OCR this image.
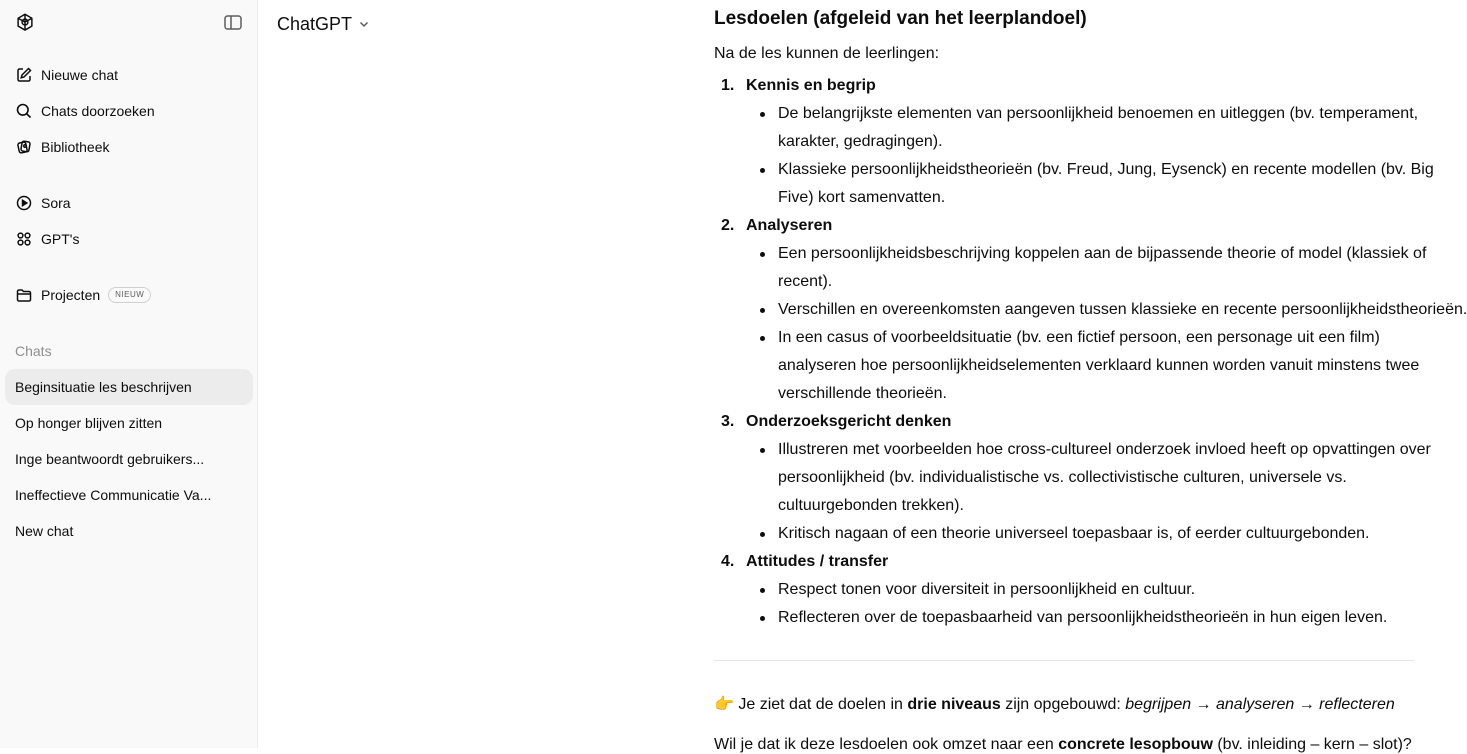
Nieuwe chat
Chats doorzoeken
Bibliotheek
Sora
GPT's
Projecten	NIEUW
Chats
Beginsituatie les beschrijven
Op honger blijven zitten
Inge beantwoordt gebruikers...
Ineffectieve Communicatie Va...
New chat
ChatGPT	Lesdoelen (afgeleid van het leerplandoel)
Na de les kunnen de leerlingen:
1. Kennis en begrip
De belangrijkste elementen van persoonlijkheid benoemen en uitleggen (bv. temperament,
karakter, gedragingen).
Klassieke persoonlijkheidstheorieën (bv. Freud, Jung, Eysenck) en recente modellen (bv. Big
Five) kort samenvatten.
2. Analyseren
Een persoonlijkheidsbeschrijving koppelen aan de bijpassende theorie of model (klassiek of
recent).
Verschillen en overeenkomsten aangeven tussen klassieke en recente persoonlijkheidstheorieën.
In een casus of voorbeeldsituatie (bv. een fictief persoon, een personage uit een film)
analyseren hoe persoonlijkheidselementen verklaard kunnen worden vanuit minstens twee
verschillende theorieën.
3. Onderzoeksgericht denken
Illustreren met voorbeelden hoe cross-cultureel onderzoek invloed heeft op opvattingen over
persoonlijkheid (bv. individualistische vs. collectivistische culturen, universele vs.
cultuurgebonden trekken).
Kritisch nagaan of een theorie universeel toepasbaar is, of eerder cultuurgebonden.
4. Attitudes / transfer
Respect tonen voor diversiteit in persoonlijkheid en cultuur.
Reflecteren over de toepasbaarheid van persoonlijkheidstheorieën in hun eigen leven.
👉 Je ziet dat de doelen in drie niveaus zijn opgebouwd: begrijpen → analyseren → reflecteren
Wil je dat ik deze lesdoelen ook omzet naar een concrete lesopbouw (bv. inleiding – kern – slot)?
